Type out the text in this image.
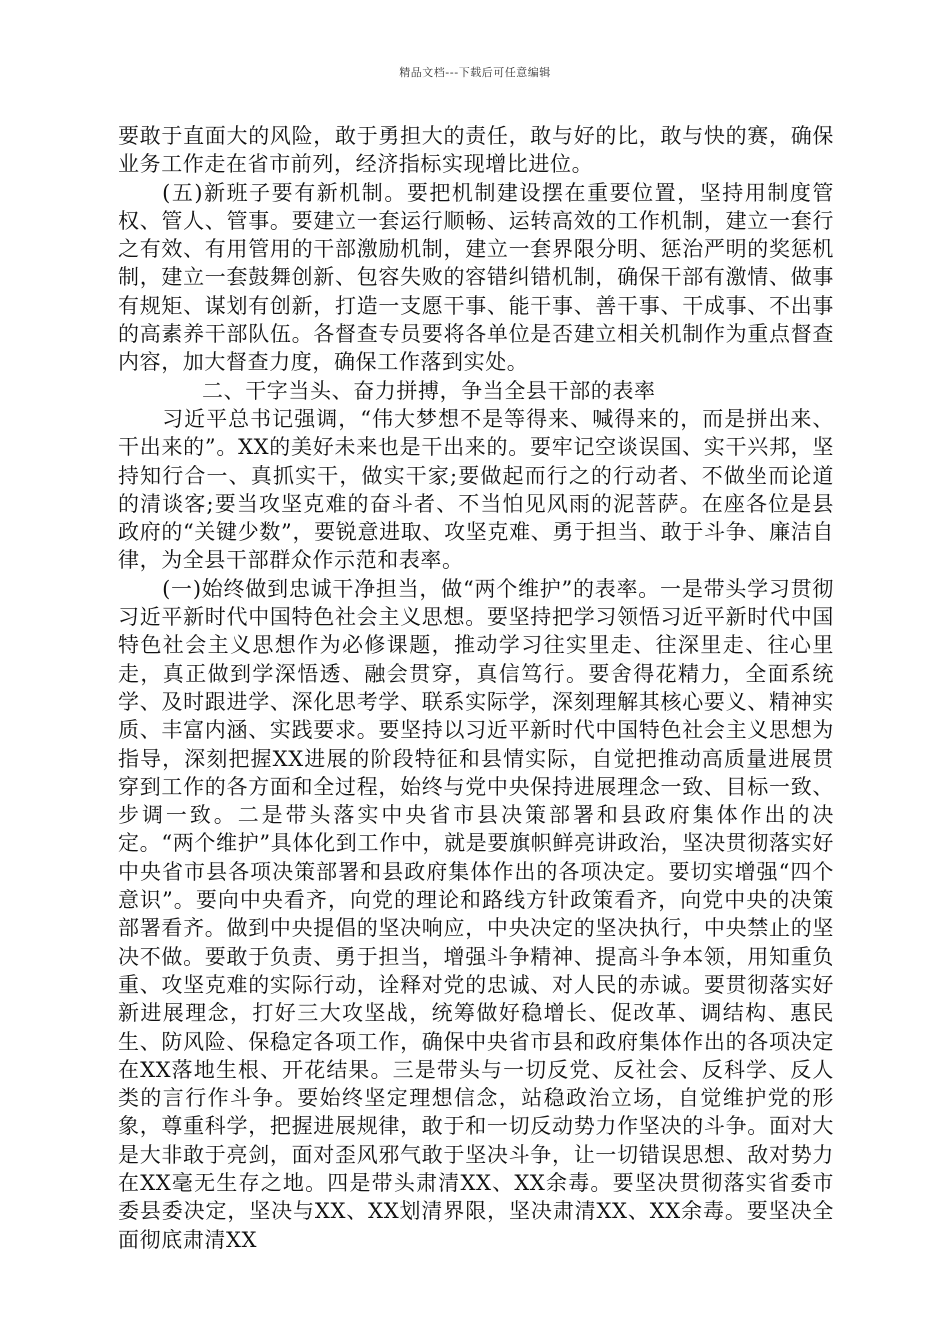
精品文档---下载后可任意编辑

要敢于直面大的风险，敢于勇担大的责任，敢与好的比，敢与快的赛，确保业务工作走在省市前列，经济指标实现增比进位。

(五)新班子要有新机制。要把机制建设摆在重要位置，坚持用制度管权、管人、管事。要建立一套运行顺畅、运转高效的工作机制，建立一套行之有效、有用管用的干部激励机制，建立一套界限分明、惩治严明的奖惩机制，建立一套鼓舞创新、包容失败的容错纠错机制，确保干部有激情、做事有规矩、谋划有创新，打造一支愿干事、能干事、善干事、干成事、不出事的高素养干部队伍。各督查专员要将各单位是否建立相关机制作为重点督查内容，加大督查力度，确保工作落到实处。

二、干字当头、奋力拼搏，争当全县干部的表率

习近平总书记强调，“伟大梦想不是等得来、喊得来的，而是拼出来、干出来的”。XX的美好未来也是干出来的。要牢记空谈误国、实干兴邦，坚持知行合一、真抓实干，做实干家;要做起而行之的行动者、不做坐而论道的清谈客;要当攻坚克难的奋斗者、不当怕见风雨的泥菩萨。在座各位是县政府的“关键少数”，要锐意进取、攻坚克难、勇于担当、敢于斗争、廉洁自律，为全县干部群众作示范和表率。

(一)始终做到忠诚干净担当，做“两个维护”的表率。一是带头学习贯彻习近平新时代中国特色社会主义思想。要坚持把学习领悟习近平新时代中国特色社会主义思想作为必修课题，推动学习往实里走、往深里走、往心里走，真正做到学深悟透、融会贯穿，真信笃行。要舍得花精力，全面系统学、及时跟进学、深化思考学、联系实际学，深刻理解其核心要义、精神实质、丰富内涵、实践要求。要坚持以习近平新时代中国特色社会主义思想为指导，深刻把握XX进展的阶段特征和县情实际，自觉把推动高质量进展贯穿到工作的各方面和全过程，始终与党中央保持进展理念一致、目标一致、步调一致。二是带头落实中央省市县决策部署和县政府集体作出的决定。“两个维护”具体化到工作中，就是要旗帜鲜亮讲政治，坚决贯彻落实好中央省市县各项决策部署和县政府集体作出的各项决定。要切实增强“四个意识”。要向中央看齐，向党的理论和路线方针政策看齐，向党中央的决策部署看齐。做到中央提倡的坚决响应，中央决定的坚决执行，中央禁止的坚决不做。要敢于负责、勇于担当，增强斗争精神、提高斗争本领，用知重负重、攻坚克难的实际行动，诠释对党的忠诚、对人民的赤诚。要贯彻落实好新进展理念，打好三大攻坚战，统筹做好稳增长、促改革、调结构、惠民生、防风险、保稳定各项工作，确保中央省市县和政府集体作出的各项决定在XX落地生根、开花结果。三是带头与一切反党、反社会、反科学、反人类的言行作斗争。要始终坚定理想信念，站稳政治立场，自觉维护党的形象，尊重科学，把握进展规律，敢于和一切反动势力作坚决的斗争。面对大是大非敢于亮剑，面对歪风邪气敢于坚决斗争，让一切错误思想、敌对势力在XX毫无生存之地。四是带头肃清XX、XX余毒。要坚决贯彻落实省委市委县委决定，坚决与XX、XX划清界限，坚决肃清XX、XX余毒。要坚决全面彻底肃清XX
